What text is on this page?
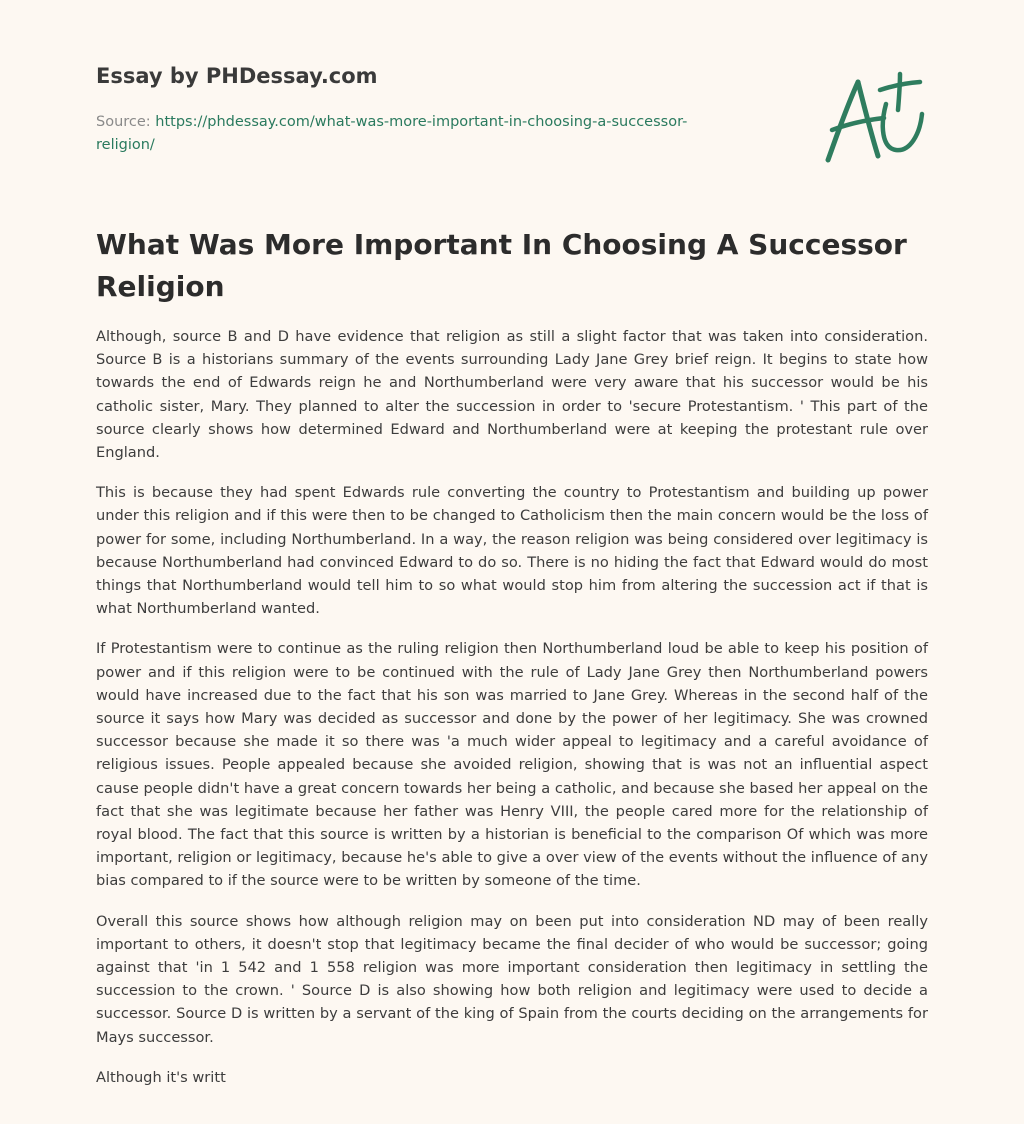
Essay by PHDessay.com
Source: https://phdessay.com/what-was-more-important-in-choosing-a-successor-religion/
What Was More Important In Choosing A Successor Religion

Although, source B and D have evidence that religion as still a slight factor that was taken into consideration. Source B is a historians summary of the events surrounding Lady Jane Grey brief reign. It begins to state how towards the end of Edwards reign he and Northumberland were very aware that his successor would be his catholic sister, Mary. They planned to alter the succession in order to 'secure Protestantism. ' This part of the source clearly shows how determined Edward and Northumberland were at keeping the protestant rule over England.

This is because they had spent Edwards rule converting the country to Protestantism and building up power under this religion and if this were then to be changed to Catholicism then the main concern would be the loss of power for some, including Northumberland. In a way, the reason religion was being considered over legitimacy is because Northumberland had convinced Edward to do so. There is no hiding the fact that Edward would do most things that Northumberland would tell him to so what would stop him from altering the succession act if that is what Northumberland wanted.

If Protestantism were to continue as the ruling religion then Northumberland loud be able to keep his position of power and if this religion were to be continued with the rule of Lady Jane Grey then Northumberland powers would have increased due to the fact that his son was married to Jane Grey. Whereas in the second half of the source it says how Mary was decided as successor and done by the power of her legitimacy. She was crowned successor because she made it so there was 'a much wider appeal to legitimacy and a careful avoidance of religious issues. People appealed because she avoided religion, showing that is was not an influential aspect cause people didn't have a great concern towards her being a catholic, and because she based her appeal on the fact that she was legitimate because her father was Henry VIII, the people cared more for the relationship of royal blood. The fact that this source is written by a historian is beneficial to the comparison Of which was more important, religion or legitimacy, because he's able to give a over view of the events without the influence of any bias compared to if the source were to be written by someone of the time.

Overall this source shows how although religion may on been put into consideration ND may of been really important to others, it doesn't stop that legitimacy became the final decider of who would be successor; going against that 'in 1 542 and 1 558 religion was more important consideration then legitimacy in settling the succession to the crown. ' Source D is also showing how both religion and legitimacy were used to decide a successor. Source D is written by a servant of the king of Spain from the courts deciding on the arrangements for Mays successor.

Although it's writt
